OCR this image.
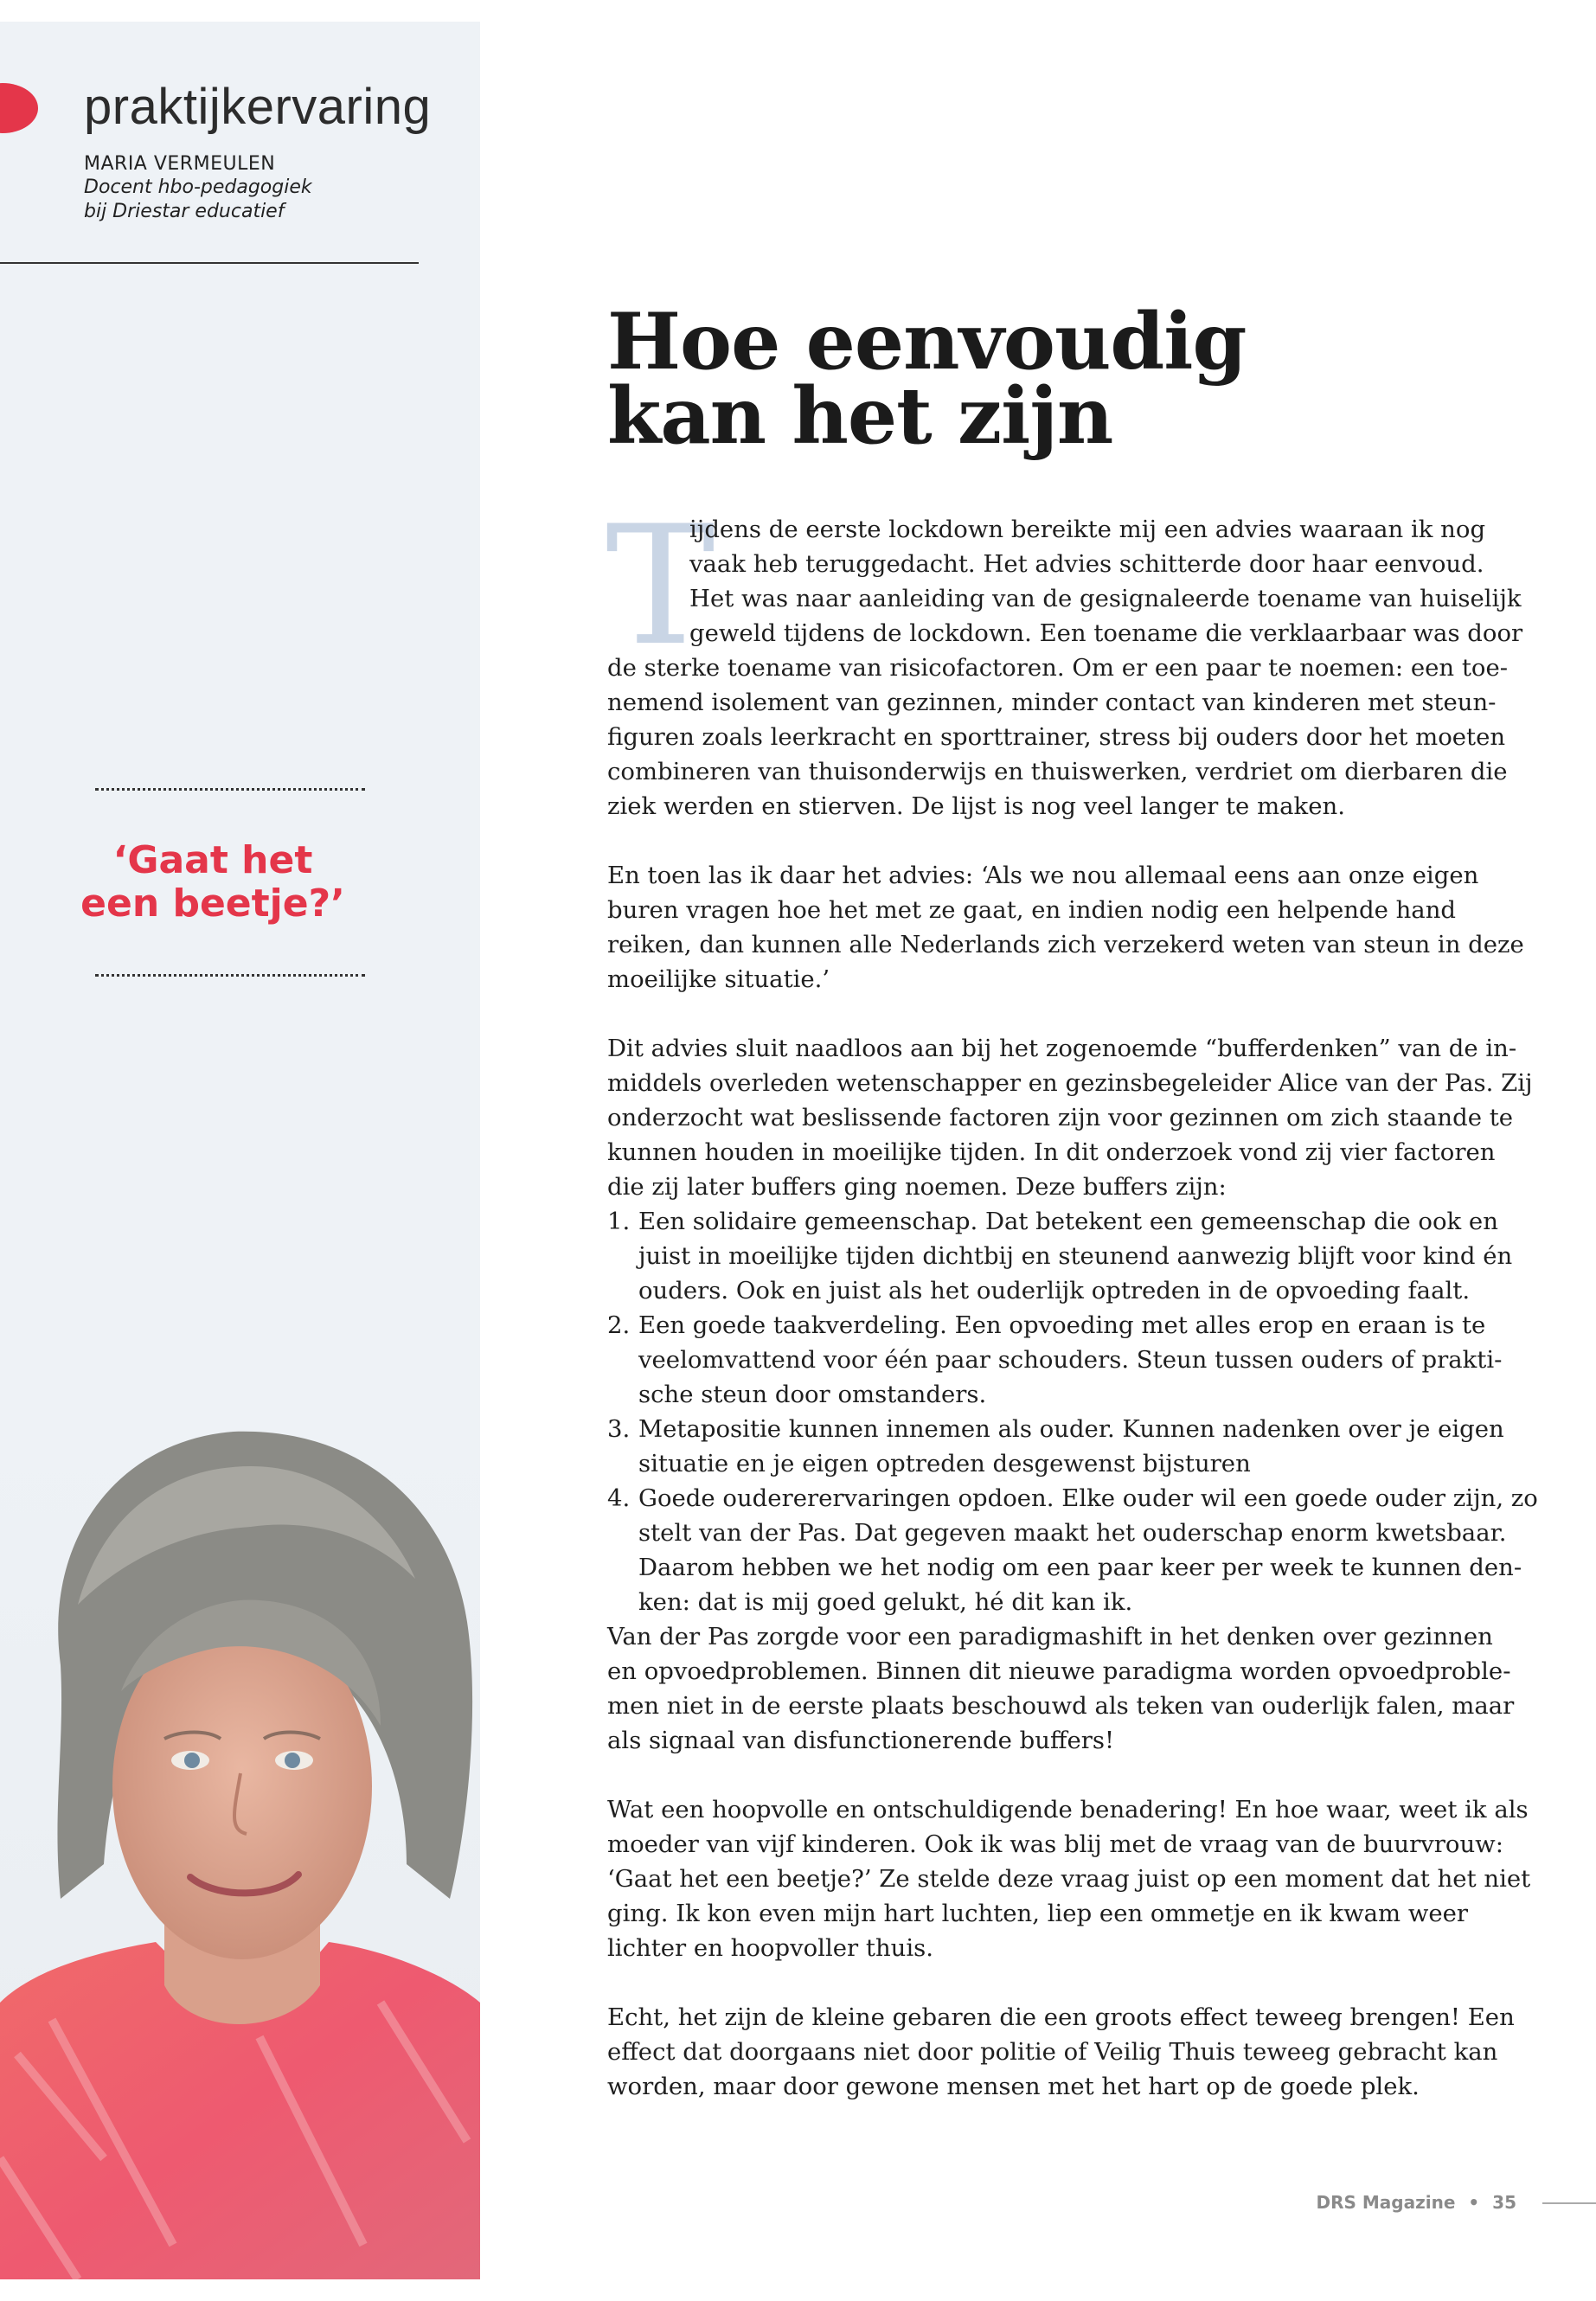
praktijkervaring
MARIA VERMEULEN
Docent hbo-pedagogiek
bij Driestar educatief
‘Gaat het
een beetje?’
Hoe eenvoudig
kan het zijn
T
ijdens de eerste lockdown bereikte mij een advies waaraan ik nog
vaak heb teruggedacht. Het advies schitterde door haar eenvoud.
Het was naar aanleiding van de gesignaleerde toename van huiselijk
geweld tijdens de lockdown. Een toename die verklaarbaar was door
de sterke toename van risicofactoren. Om er een paar te noemen: een toe-
nemend isolement van gezinnen, minder contact van kinderen met steun-
figuren zoals leerkracht en sporttrainer, stress bij ouders door het moeten
combineren van thuisonderwijs en thuiswerken, verdriet om dierbaren die
ziek werden en stierven. De lijst is nog veel langer te maken.
En toen las ik daar het advies: ‘Als we nou allemaal eens aan onze eigen
buren vragen hoe het met ze gaat, en indien nodig een helpende hand
reiken, dan kunnen alle Nederlands zich verzekerd weten van steun in deze
moeilijke situatie.’
Dit advies sluit naadloos aan bij het zogenoemde “bufferdenken” van de in-
middels overleden wetenschapper en gezinsbegeleider Alice van der Pas. Zij
onderzocht wat beslissende factoren zijn voor gezinnen om zich staande te
kunnen houden in moeilijke tijden. In dit onderzoek vond zij vier factoren
die zij later buffers ging noemen. Deze buffers zijn:
1. Een solidaire gemeenschap. Dat betekent een gemeenschap die ook en
juist in moeilijke tijden dichtbij en steunend aanwezig blijft voor kind én
ouders. Ook en juist als het ouderlijk optreden in de opvoeding faalt.
2. Een goede taakverdeling. Een opvoeding met alles erop en eraan is te
veelomvattend voor één paar schouders. Steun tussen ouders of prakti-
sche steun door omstanders.
3. Metapositie kunnen innemen als ouder. Kunnen nadenken over je eigen
situatie en je eigen optreden desgewenst bijsturen
4. Goede oudererervaringen opdoen. Elke ouder wil een goede ouder zijn, zo
stelt van der Pas. Dat gegeven maakt het ouderschap enorm kwetsbaar.
Daarom hebben we het nodig om een paar keer per week te kunnen den-
ken: dat is mij goed gelukt, hé dit kan ik.
Van der Pas zorgde voor een paradigmashift in het denken over gezinnen
en opvoedproblemen. Binnen dit nieuwe paradigma worden opvoedproble-
men niet in de eerste plaats beschouwd als teken van ouderlijk falen, maar
als signaal van disfunctionerende buffers!
Wat een hoopvolle en ontschuldigende benadering! En hoe waar, weet ik als
moeder van vijf kinderen. Ook ik was blij met de vraag van de buurvrouw:
‘Gaat het een beetje?’ Ze stelde deze vraag juist op een moment dat het niet
ging. Ik kon even mijn hart luchten, liep een ommetje en ik kwam weer
lichter en hoopvoller thuis.
Echt, het zijn de kleine gebaren die een groots effect teweeg brengen! Een
effect dat doorgaans niet door politie of Veilig Thuis teweeg gebracht kan
worden, maar door gewone mensen met het hart op de goede plek.
DRS Magazine • 35
